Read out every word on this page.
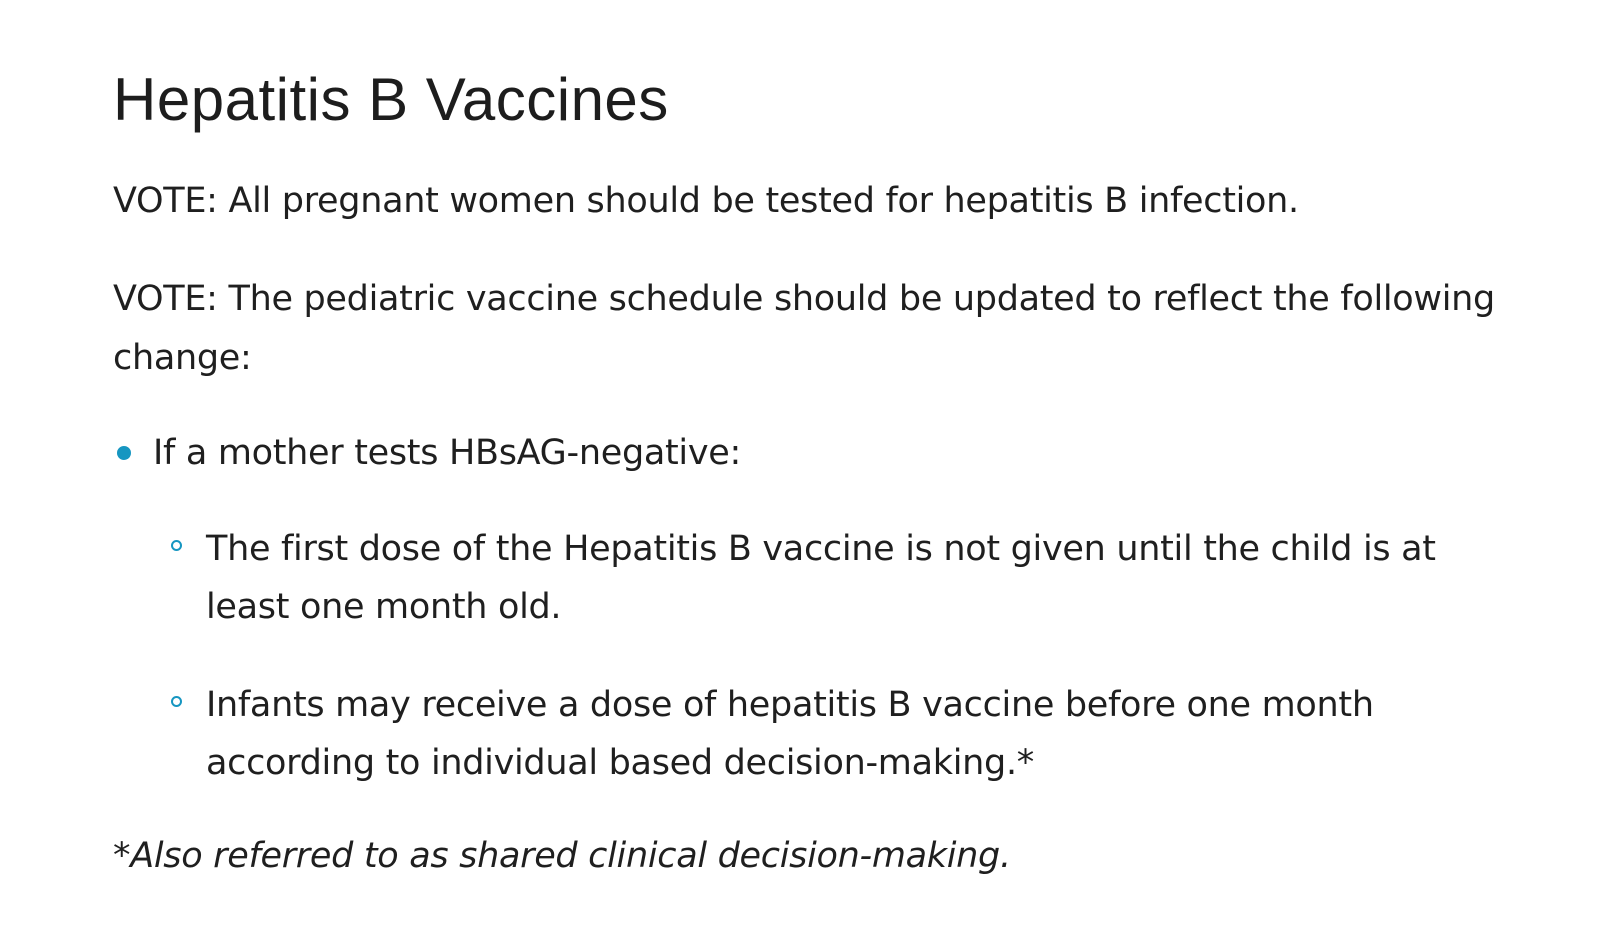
Hepatitis B Vaccines

VOTE: All pregnant women should be tested for hepatitis B infection.

VOTE: The pediatric vaccine schedule should be updated to reflect the following change:

If a mother tests HBsAG-negative:
The first dose of the Hepatitis B vaccine is not given until the child is at least one month old.
Infants may receive a dose of hepatitis B vaccine before one month according to individual based decision-making.*

*Also referred to as shared clinical decision-making.
